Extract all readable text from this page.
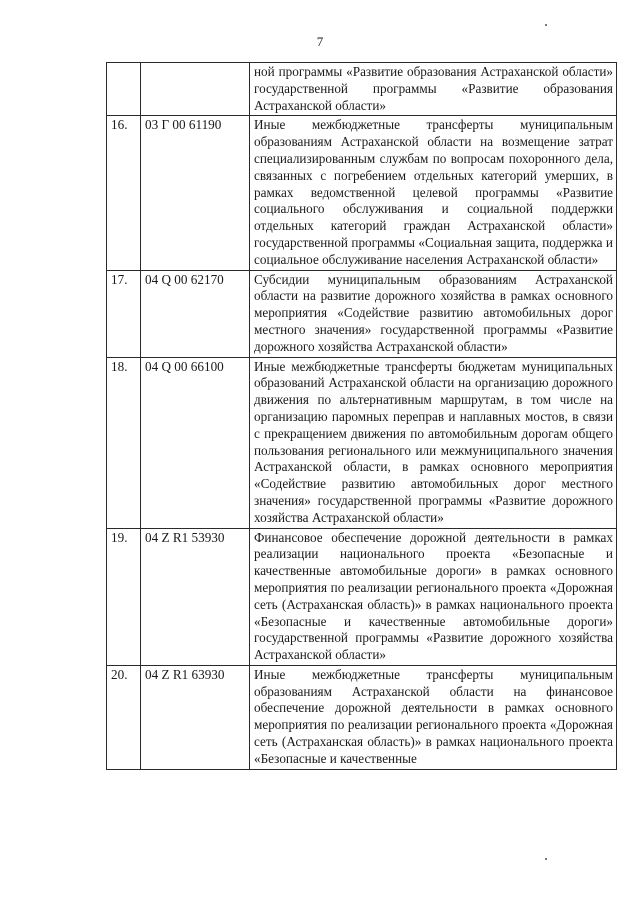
7
		ной программы «Развитие образования Астраханской области» государственной программы «Развитие образования Астраханской области»
16.	03 Г 00 61190	Иные межбюджетные трансферты муниципальным образованиям Астраханской области на возмещение затрат специализированным службам по вопросам похоронного дела, связанных с погребением отдельных категорий умерших, в рамках ведомственной целевой программы «Развитие социального обслуживания и социальной поддержки отдельных категорий граждан Астраханской области» государственной программы «Социальная защита, поддержка и социальное обслуживание населения Астраханской области»
17.	04 Q 00 62170	Субсидии муниципальным образованиям Астраханской области на развитие дорожного хозяйства в рамках основного мероприятия «Содействие развитию автомобильных дорог местного значения» государственной программы «Развитие дорожного хозяйства Астраханской области»
18.	04 Q 00 66100	Иные межбюджетные трансферты бюджетам муниципальных образований Астраханской области на организацию дорожного движения по альтернативным маршрутам, в том числе на организацию паромных переправ и наплавных мостов, в связи с прекращением движения по автомобильным дорогам общего пользования регионального или межмуниципального значения Астраханской области, в рамках основного мероприятия «Содействие развитию автомобильных дорог местного значения» государственной программы «Развитие дорожного хозяйства Астраханской области»
19.	04 Z R1 53930	Финансовое обеспечение дорожной деятельности в рамках реализации национального проекта «Безопасные и качественные автомобильные дороги» в рамках основного мероприятия по реализации регионального проекта «Дорожная сеть (Астраханская область)» в рамках национального проекта «Безопасные и качественные автомобильные дороги» государственной программы «Развитие дорожного хозяйства Астраханской области»
20.	04 Z R1 63930	Иные межбюджетные трансферты муниципальным образованиям Астраханской области на финансовое обеспечение дорожной деятельности в рамках основного мероприятия по реализации регионального проекта «Дорожная сеть (Астраханская область)» в рамках национального проекта «Безопасные и качественные
